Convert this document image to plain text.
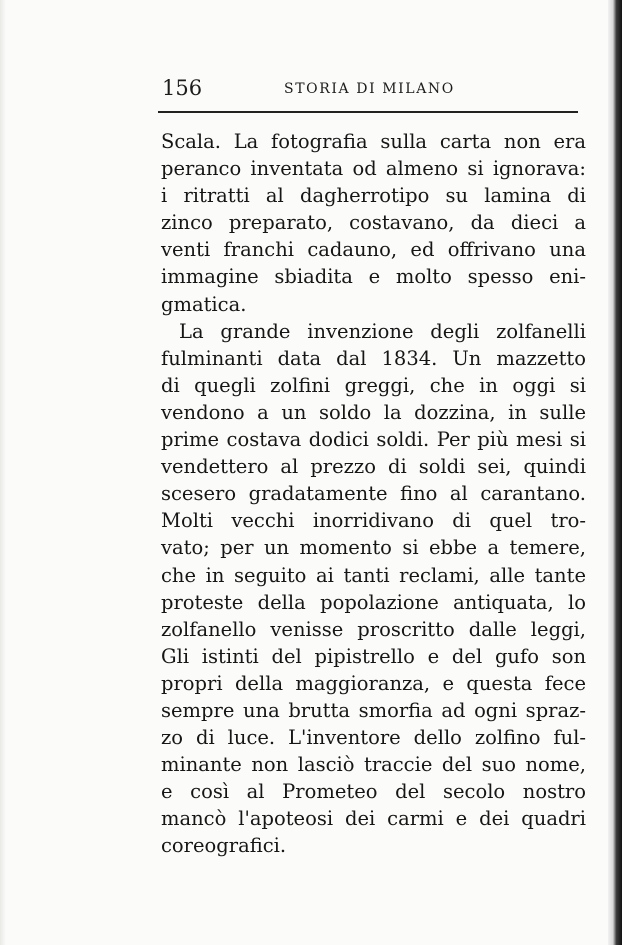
156	STORIA DI MILANO
Scala. La fotografia sulla carta non era
peranco inventata od almeno si ignorava:
i ritratti al dagherrotipo su lamina di
zinco preparato, costavano, da dieci a
venti franchi cadauno, ed offrivano una
immagine sbiadita e molto spesso eni-
gmatica.
La grande invenzione degli zolfanelli
fulminanti data dal 1834. Un mazzetto
di quegli zolfini greggi, che in oggi si
vendono a un soldo la dozzina, in sulle
prime costava dodici soldi. Per più mesi si
vendettero al prezzo di soldi sei, quindi
scesero gradatamente fino al carantano.
Molti vecchi inorridivano di quel tro-
vato; per un momento si ebbe a temere,
che in seguito ai tanti reclami, alle tante
proteste della popolazione antiquata, lo
zolfanello venisse proscritto dalle leggi,
Gli istinti del pipistrello e del gufo son
propri della maggioranza, e questa fece
sempre una brutta smorfia ad ogni spraz-
zo di luce. L'inventore dello zolfino ful-
minante non lasciò traccie del suo nome,
e così al Prometeo del secolo nostro
mancò l'apoteosi dei carmi e dei quadri
coreografici.
